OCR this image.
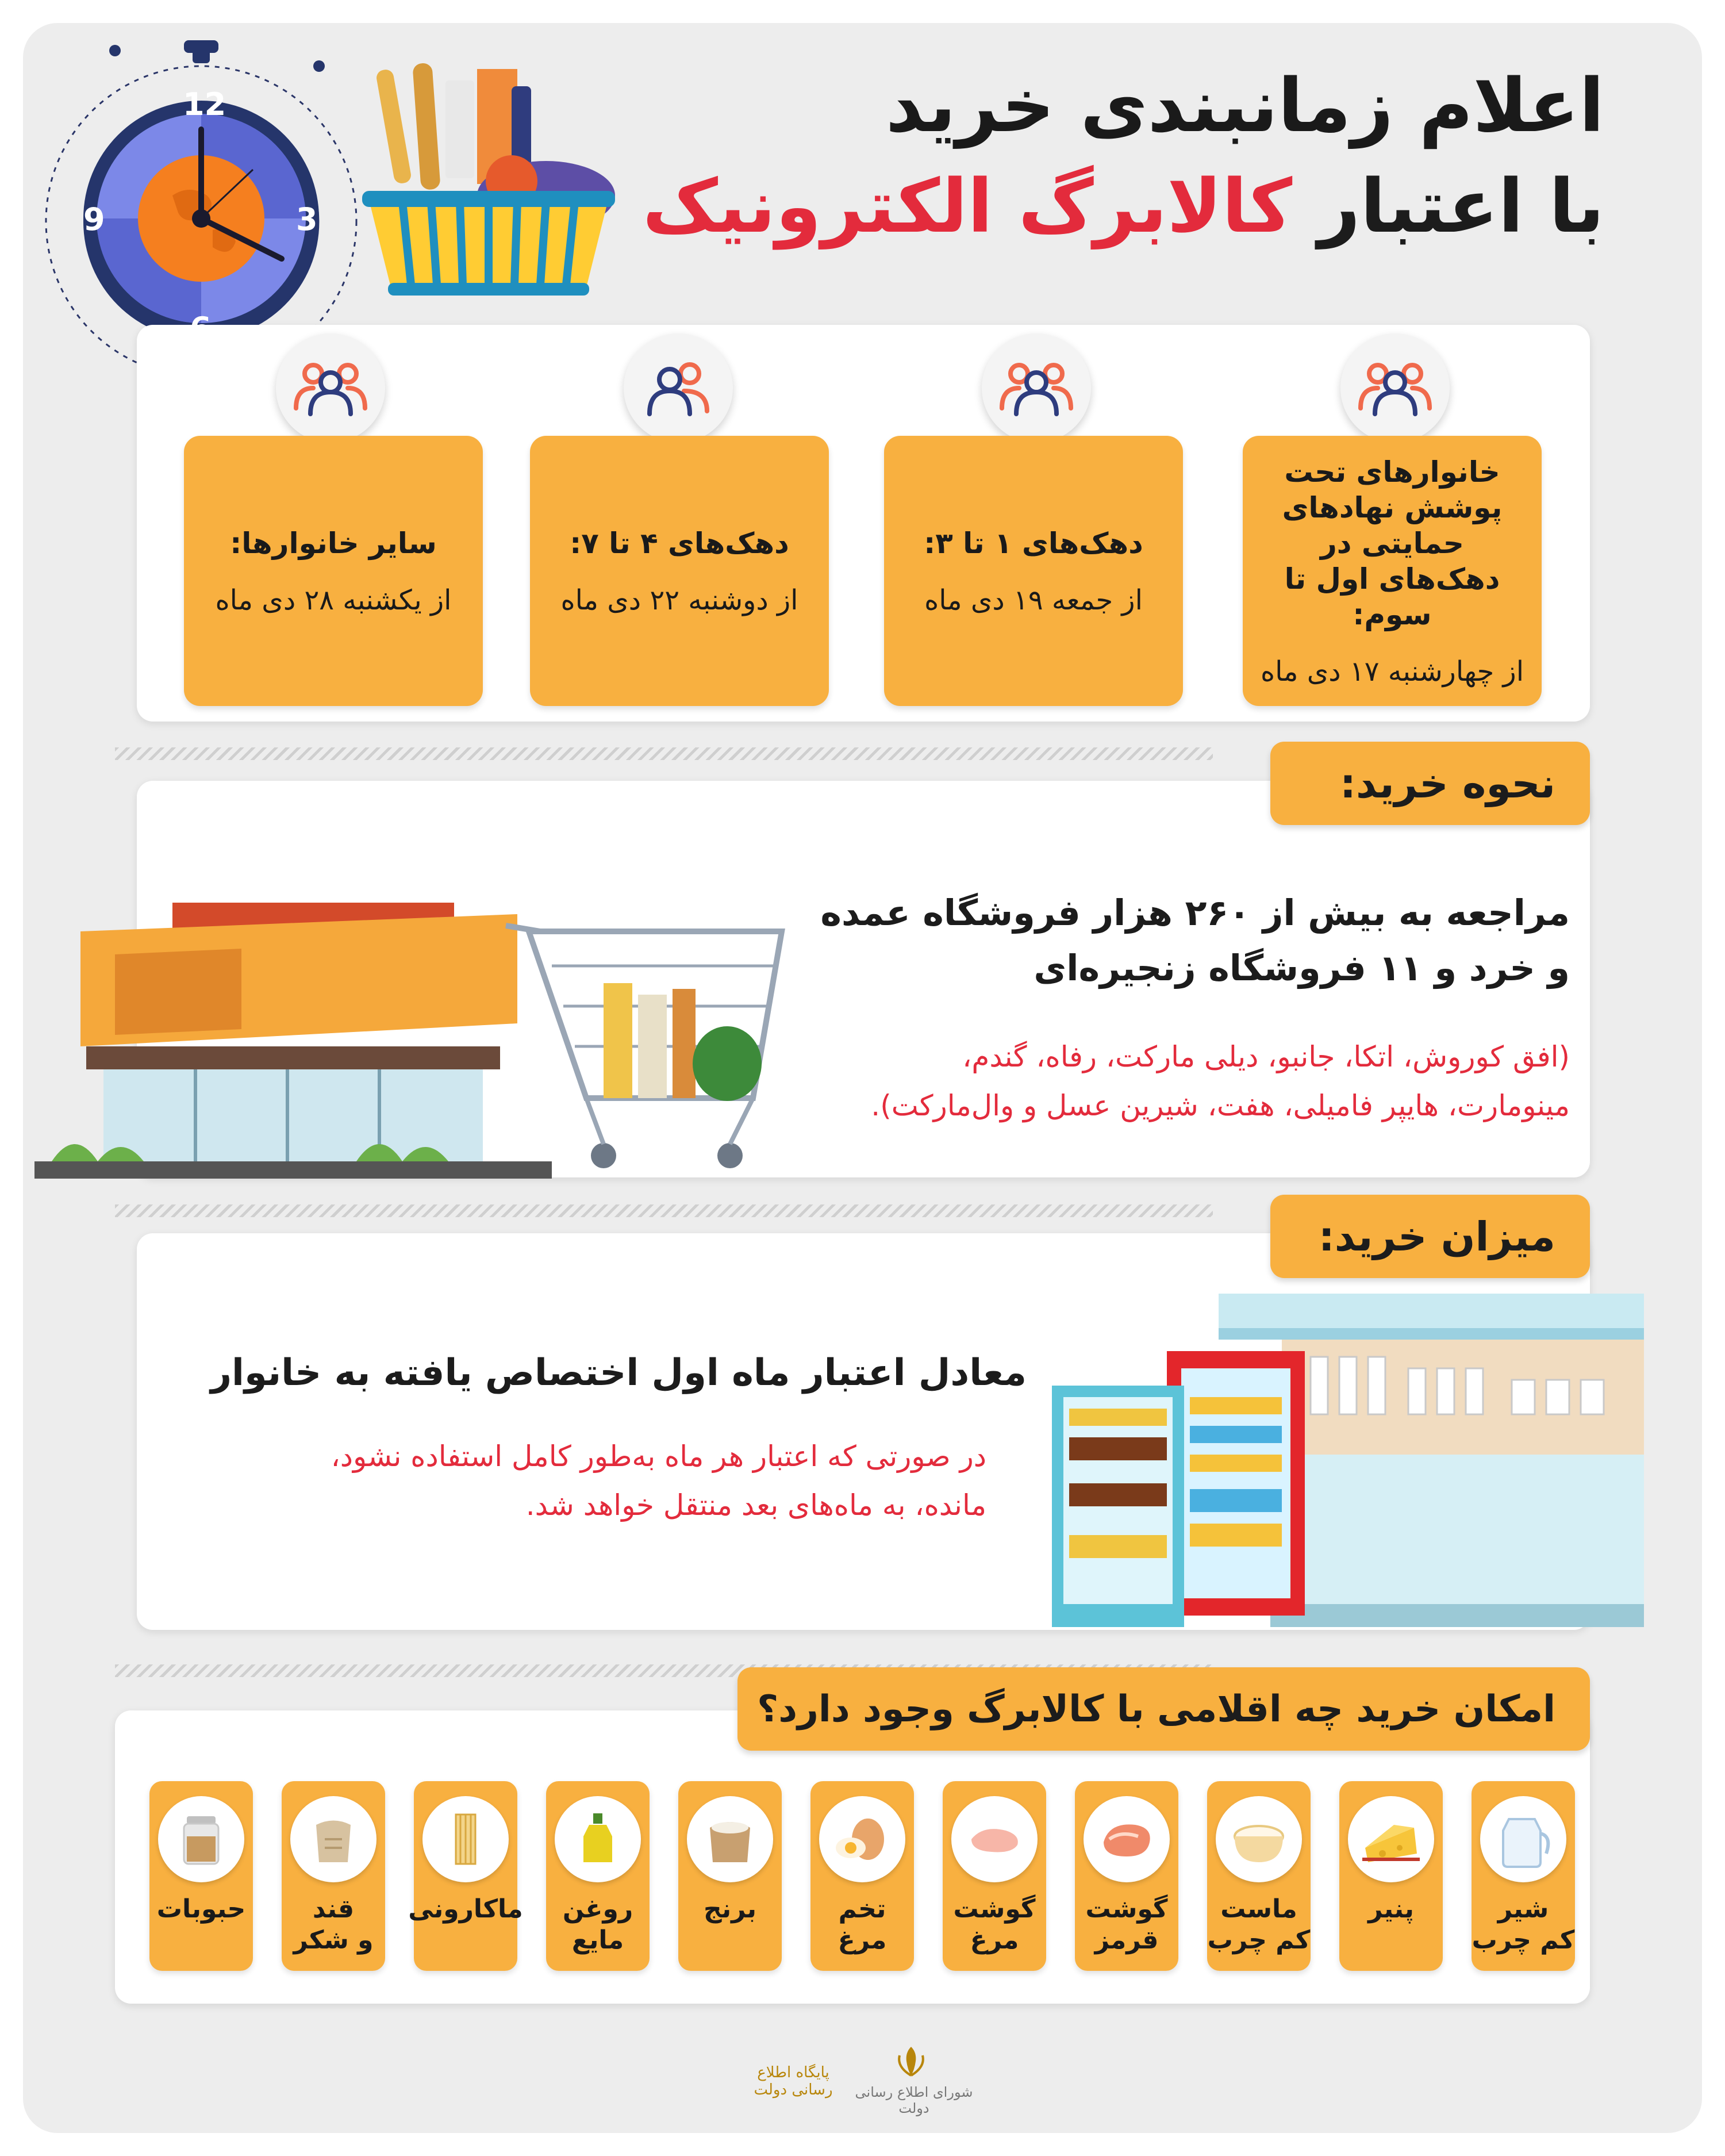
12
3
9
اعلام زمانبندی خرید
با اعتبار کالابرگ الکترونیک
خانوارهای تحت پوشش نهادهای حمایتی در دهک‌های اول تا سوم:
از چهارشنبه ۱۷ دی ماه
دهک‌های ۱ تا ۳:
از جمعه ۱۹ دی ماه
دهک‌های ۴ تا ۷:
از دوشنبه ۲۲ دی ماه
سایر خانوارها:
از یکشنبه ۲۸ دی ماه
نحوه خرید:
مراجعه به بیش از ۲۶۰ هزار فروشگاه عمده
و خرد و ۱۱ فروشگاه زنجیره‌ای
(افق کوروش، اتکا، جانبو، دیلی مارکت، رفاه، گندم،
مینومارت، هایپر فامیلی، هفت، شیرین عسل و وال‌مارکت).
میزان خرید:
معادل اعتبار ماه اول اختصاص یافته به خانوار
در صورتی که اعتبار هر ماه به‌طور کامل استفاده نشود،
مانده، به ماه‌های بعد منتقل خواهد شد.
امکان خرید چه اقلامی با کالابرگ وجود دارد؟
شیر
کم چرب
پنیر
ماست
کم چرب
گوشت
قرمز
گوشت
مرغ
تخم مرغ
برنج
روغن
مایع
ماکارونی
قند
و شکر
حبوبات
شورای اطلاع رسانی دولت
پایگاه اطلاع رسانی دولت
